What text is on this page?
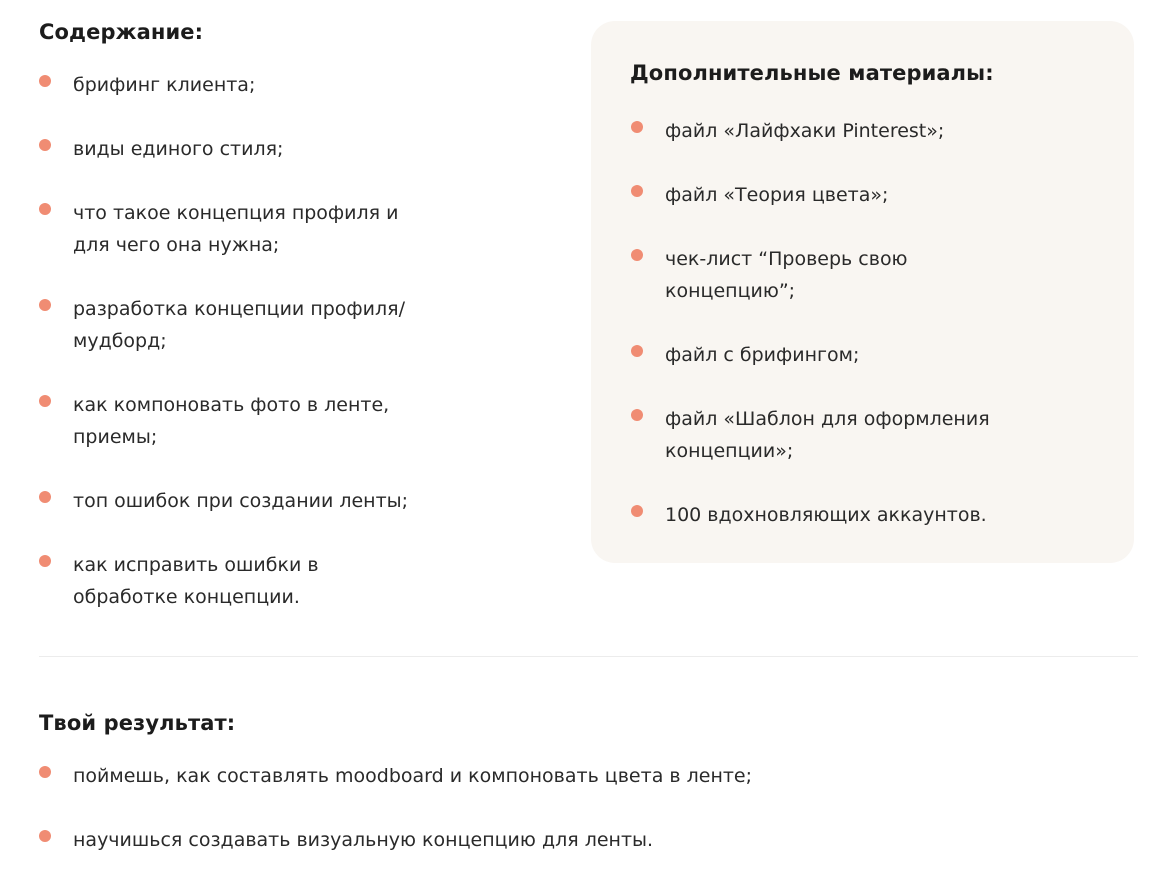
Содержание:
брифинг клиента;
виды единого стиля;
что такое концепция профиля и
для чего она нужна;
разработка концепции профиля/
мудборд;
как компоновать фото в ленте,
приемы;
топ ошибок при создании ленты;
как исправить ошибки в
обработке концепции.
Дополнительные материалы:
файл «Лайфхаки Pinterest»;
файл «Теория цвета»;
чек-лист “Проверь свою
концепцию”;
файл с брифингом;
файл «Шаблон для оформления
концепции»;
100 вдохновляющих аккаунтов.
Твой результат:
поймешь, как составлять moodboard и компоновать цвета в ленте;
научишься создавать визуальную концепцию для ленты.
